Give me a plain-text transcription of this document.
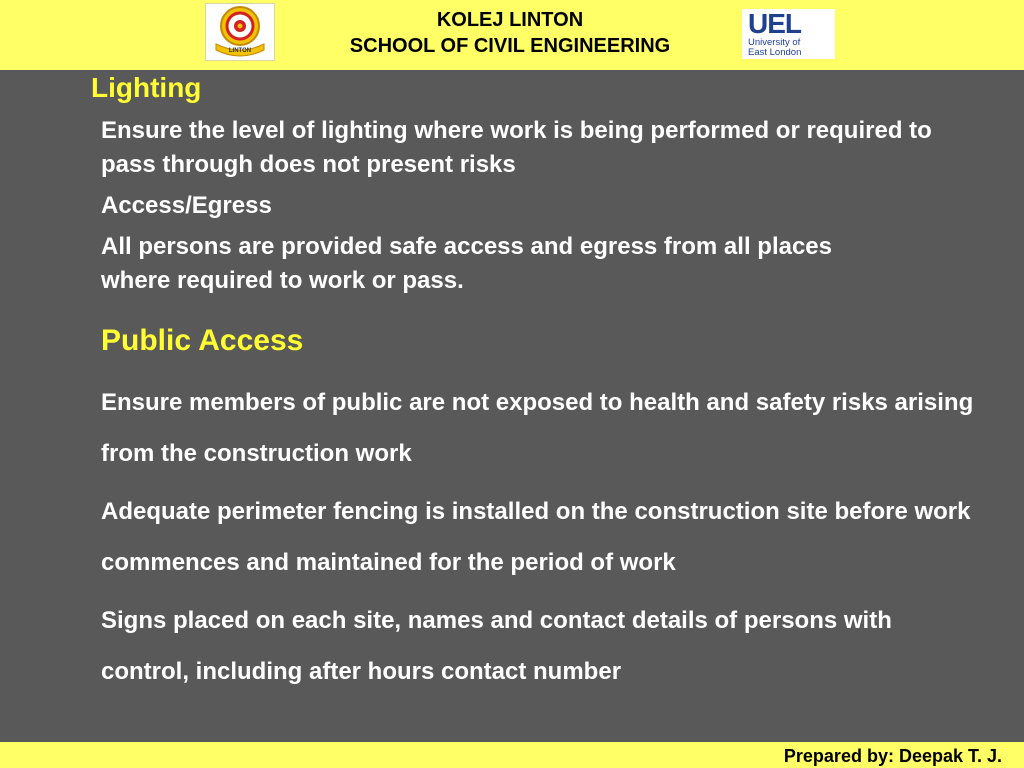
LINTON
KOLEJ LINTON
SCHOOL OF CIVIL ENGINEERING
UEL
University of
East London

Lighting

Ensure the level of lighting where work is being performed or required to pass through does not present risks

Access/Egress

All persons are provided safe access and egress from all places where required to work or pass.

Public Access

Ensure members of public are not exposed to health and safety risks arising from the construction work

Adequate perimeter fencing is installed on the construction site before work commences and maintained for the period of work

Signs placed on each site, names and contact details of persons with control, including after hours contact number

Prepared by: Deepak T. J.
